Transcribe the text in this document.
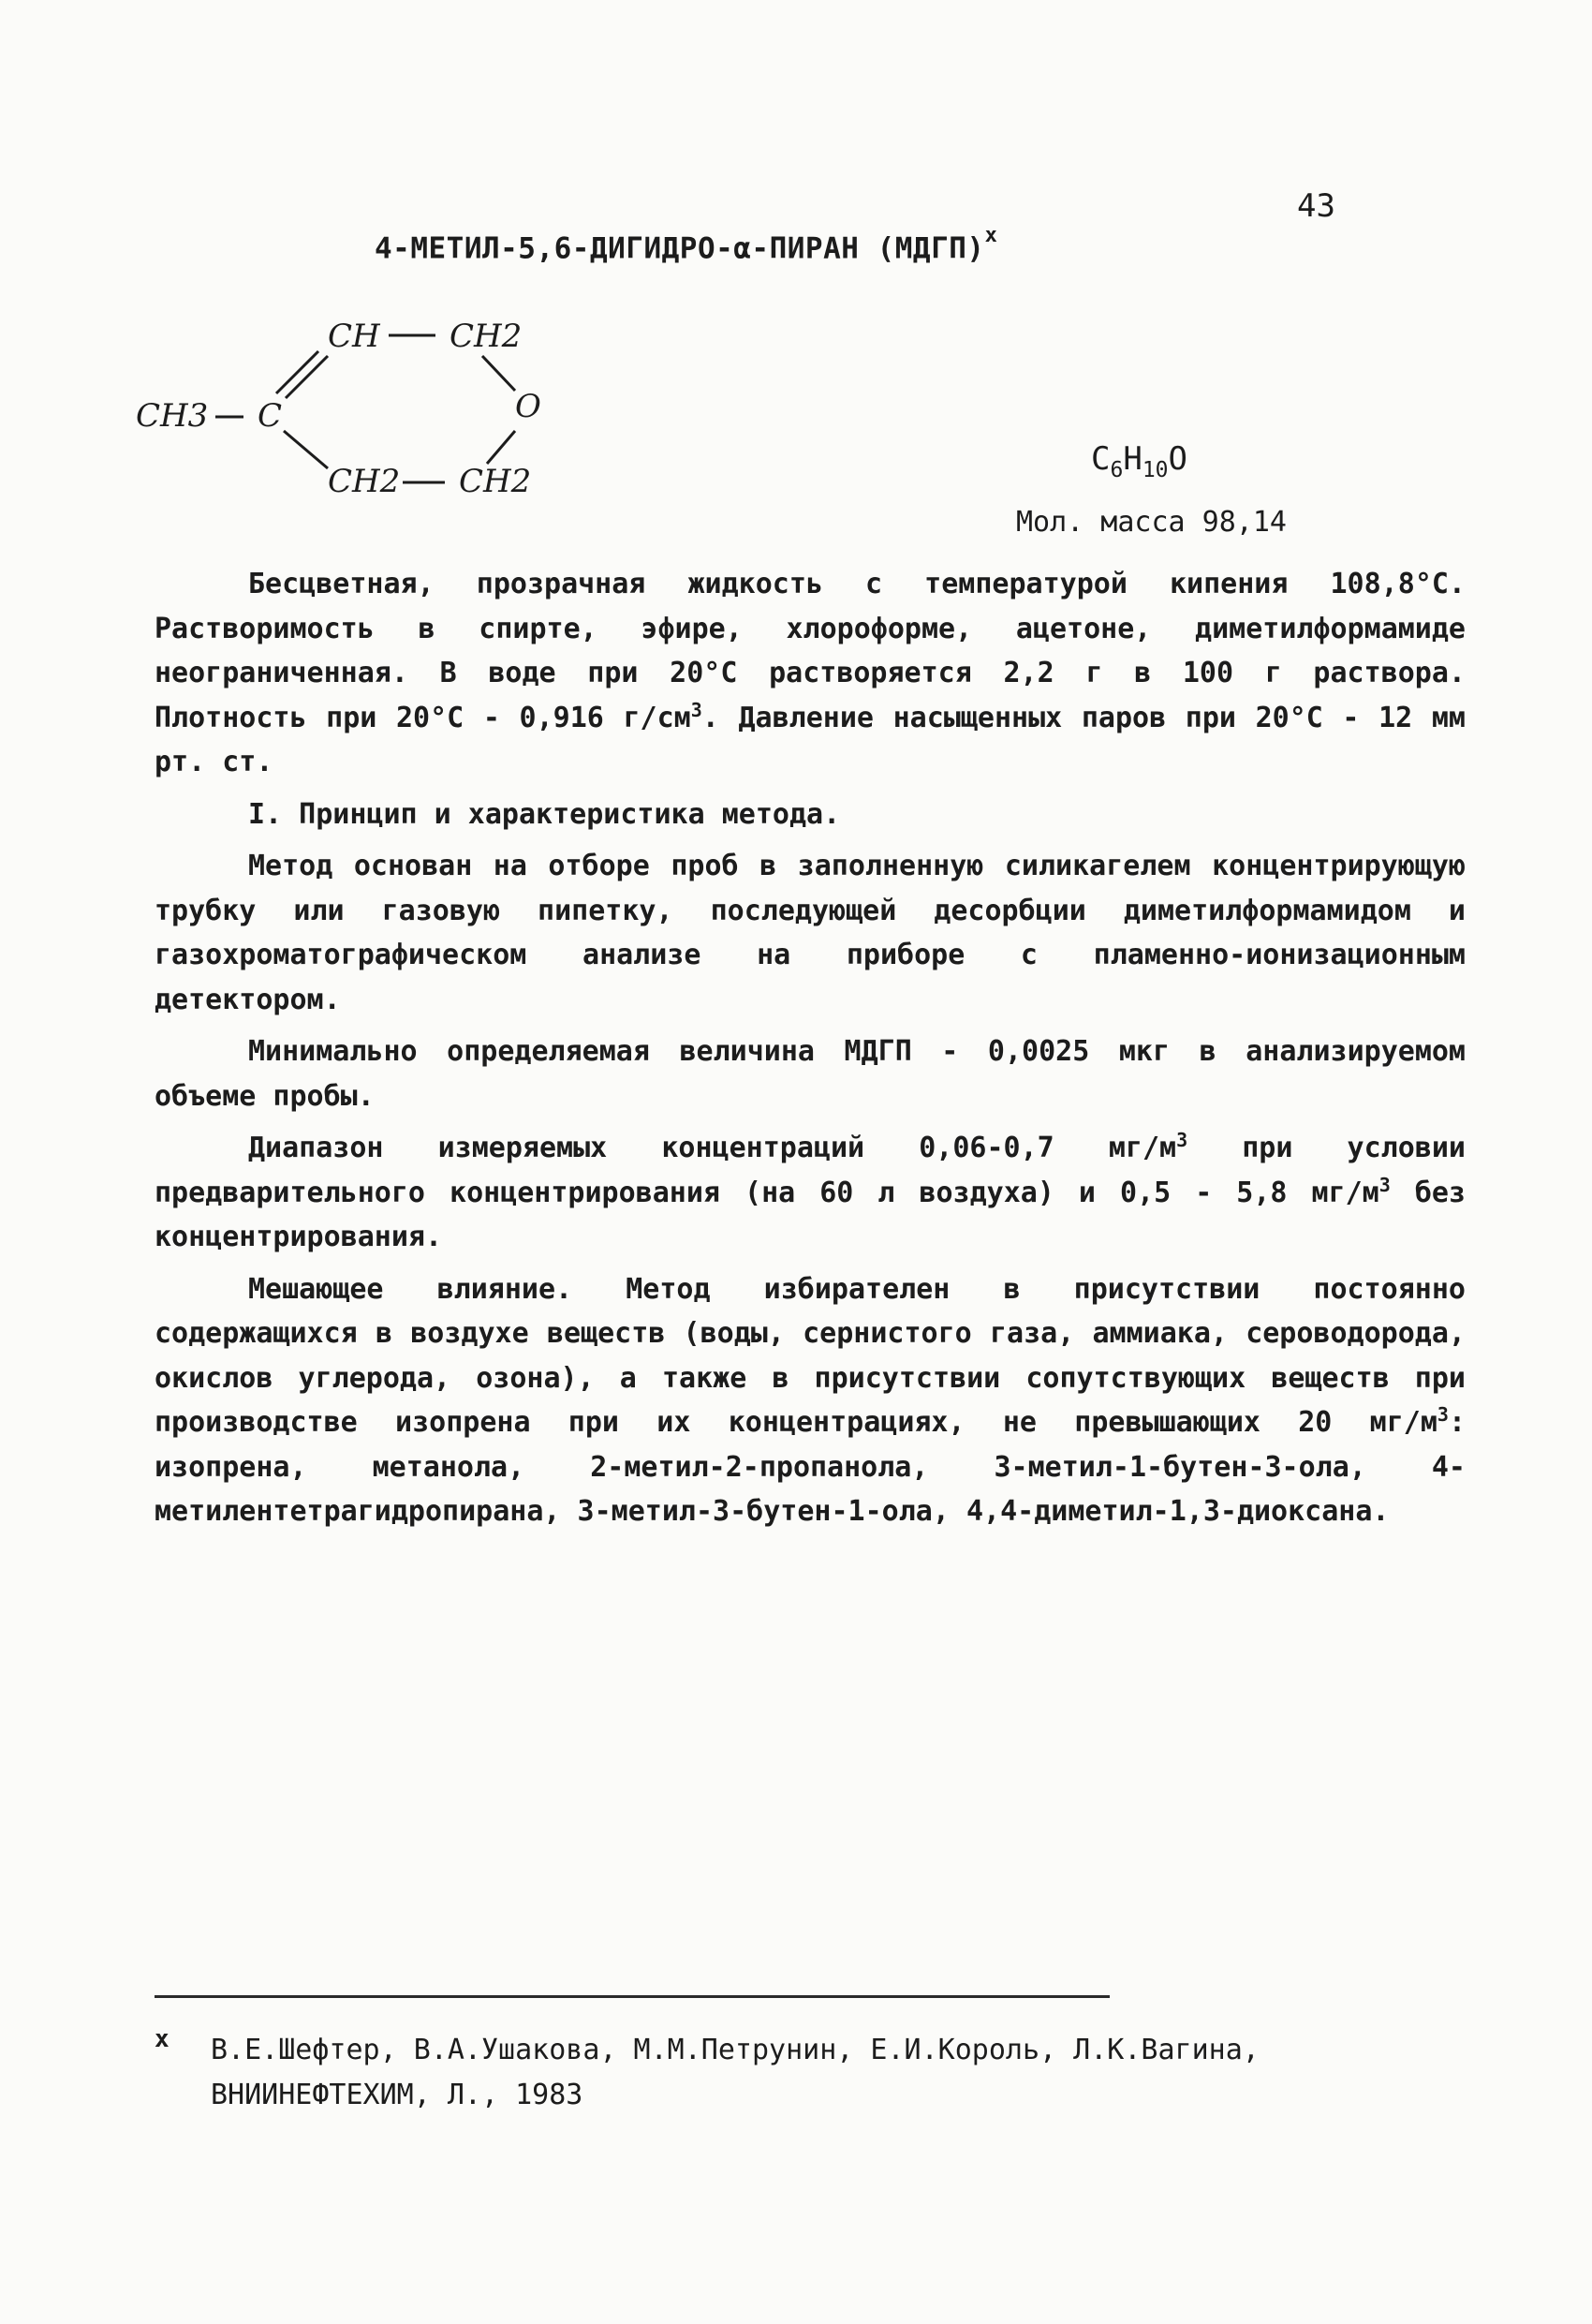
43
4-МЕТИЛ-5,6-ДИГИДРО-α-ПИРАН (МДГП)$^х$
CH CH2
CH3 C	O
CH2 CH2
$C_6H_{10}O$
Мол. масса 98,14

Бесцветная, прозрачная жидкость с температурой кипения 108,8°С. Растворимость в спирте, эфире, хлороформе, ацетоне, диметилформамиде неограниченная. В воде при 20°С растворяется 2,2 г в 100 г раствора. Плотность при 20°С - 0,916 $г/см^3$. Давление насыщенных паров при 20°С - 12 мм рт. ст.

I. Принцип и характеристика метода.

Метод основан на отборе проб в заполненную силикагелем концентрирующую трубку или газовую пипетку, последующей десорбции диметилформамидом и газохроматографическом анализе на приборе с пламенно-ионизационным детектором.

Минимально определяемая величина МДГП - 0,0025 мкг в анализируемом объеме пробы.

Диапазон измеряемых концентраций 0,06-0,7 $мг/м^3$ при условии предварительного концентрирования (на 60 л воздуха) и 0,5 - 5,8 $мг/м^3$ без концентрирования.

Мешающее влияние. Метод избирателен в присутствии постоянно содержащихся в воздухе веществ (воды, сернистого газа, аммиака, сероводорода, окислов углерода, озона), а также в присутствии сопутствующих веществ при производстве изопрена при их концентрациях, не превышающих 20 $мг/м^3$: изопрена, метанола, 2-метил-2-пропанола, 3-метил-1-бутен-3-ола, 4-метилентетрагидропирана, 3-метил-3-бутен-1-ола, 4,4-диметил-1,3-диоксана.

х В.Е.Шефтер, В.А.Ушакова, М.М.Петрунин, Е.И.Король, Л.К.Вагина, ВНИИНЕФТЕХИМ, Л., 1983
